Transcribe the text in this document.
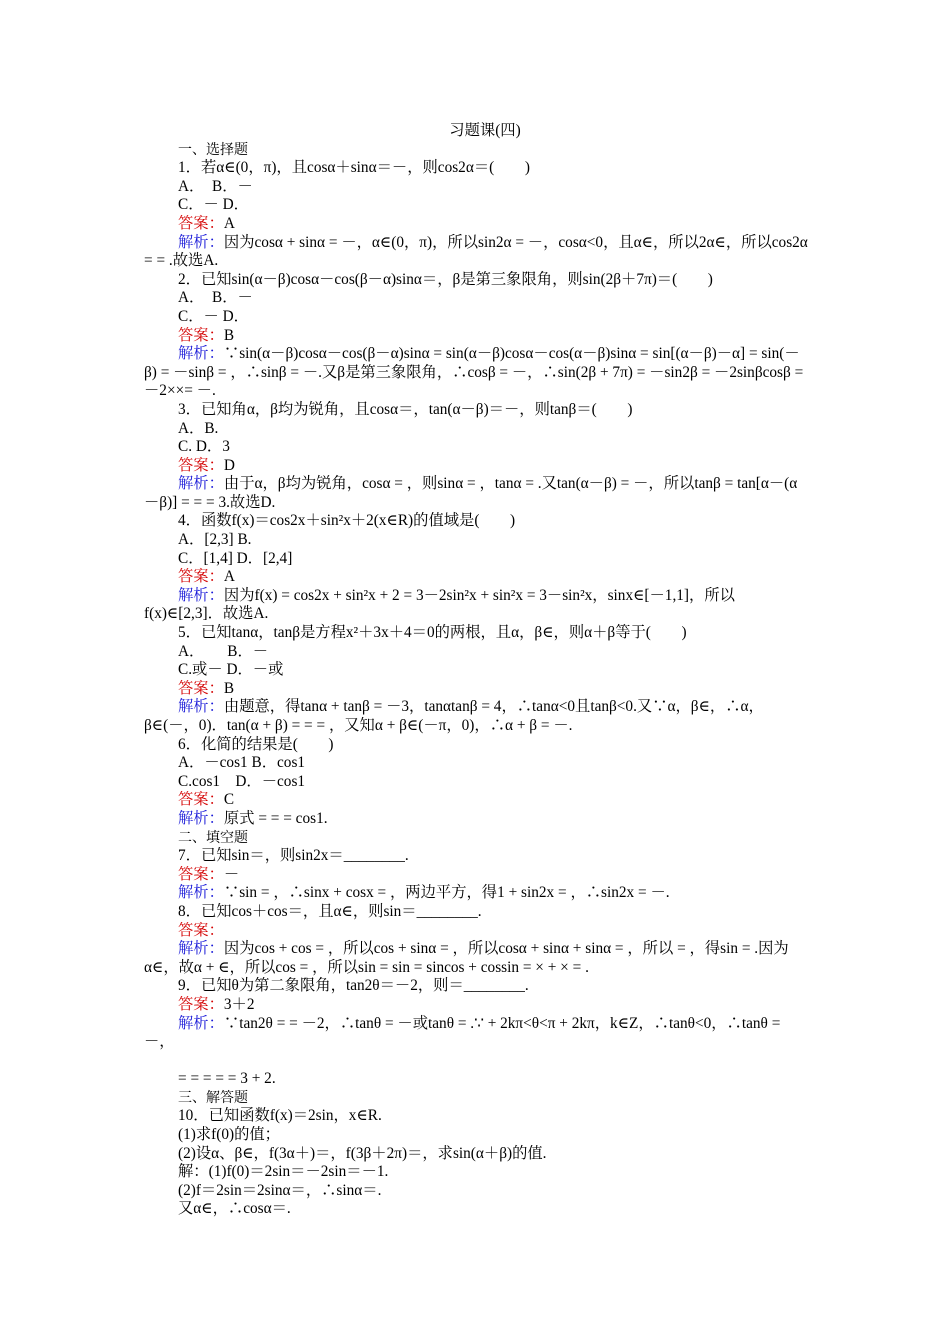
习题课(四)

一、选择题

1．若α∈(0，π)，且cosα＋sinα＝－，则cos2α＝(　　)

A．　B．－

C．－ D．

答案：A

解析：因为cosα + sinα = －，α∈(0，π)，所以sin2α = －，cosα<0，且α∈，所以2α∈，所以cos2α = = .故选A.

2．已知sin(α－β)cosα－cos(β－α)sinα＝，β是第三象限角，则sin(2β＋7π)＝(　　)

A．　B．－

C．－ D．

答案：B

解析：∵sin(α－β)cosα－cos(β－α)sinα = sin(α－β)cosα－cos(α－β)sinα = sin[(α－β)－α] = sin(－β) = －sinβ = ，∴sinβ = －.又β是第三象限角，∴cosβ = －，∴sin(2β + 7π) = －sin2β = －2sinβcosβ = －2××= －.

3．已知角α，β均为锐角，且cosα＝，tan(α－β)＝－，则tanβ＝(　　)

A．B.

C. D．3

答案：D

解析：由于α，β均为锐角，cosα = ，则sinα = ，tanα = .又tan(α－β) = －，所以tanβ = tan[α－(α－β)] = = = 3.故选D.

4．函数f(x)＝cos2x＋sin²x＋2(x∈R)的值域是(　　)

A．[2,3] B.

C．[1,4] D．[2,4]

答案：A

解析：因为f(x) = cos2x + sin²x + 2 = 3－2sin²x + sin²x = 3－sin²x，sinx∈[－1,1]，所以f(x)∈[2,3]．故选A.

5．已知tanα，tanβ是方程x²＋3x＋4＝0的两根，且α，β∈，则α＋β等于(　　)

A．　　B．－

C.或－ D．－或

答案：B

解析：由题意，得tanα + tanβ = －3，tanαtanβ = 4，∴tanα<0且tanβ<0.又∵α，β∈，∴α，β∈(－，0)．tan(α + β) = = = ，又知α + β∈(－π，0)，∴α + β = －.

6．化简的结果是(　　)

A．－cos1 B．cos1

C.cos1　D．－cos1

答案：C

解析：原式 = = = cos1.

二、填空题

7．已知sin＝，则sin2x＝________.

答案：－

解析：∵sin = ，∴sinx + cosx = ，两边平方，得1 + sin2x = ，∴sin2x = －.

8．已知cos＋cos＝，且α∈，则sin＝________.

答案：

解析：因为cos + cos = ，所以cos + sinα = ，所以cosα + sinα + sinα = ，所以 = ，得sin = .因为α∈，故α + ∈，所以cos = ，所以sin = sin = sincos + cossin = × + × = .

9．已知θ为第二象限角，tan2θ＝－2，则＝________.

答案：3＋2

解析：∵tan2θ = = －2，∴tanθ = －或tanθ = .∵ + 2kπ<θ<π + 2kπ，k∈Z，∴tanθ<0，∴tanθ = －，

= = = = = 3 + 2.

三、解答题

10．已知函数f(x)＝2sin，x∈R.

(1)求f(0)的值；

(2)设α、β∈，f(3α＋)＝，f(3β＋2π)＝，求sin(α＋β)的值.

解：(1)f(0)＝2sin＝－2sin＝－1.

(2)f＝2sin＝2sinα＝，∴sinα＝.

又α∈，∴cosα＝.
